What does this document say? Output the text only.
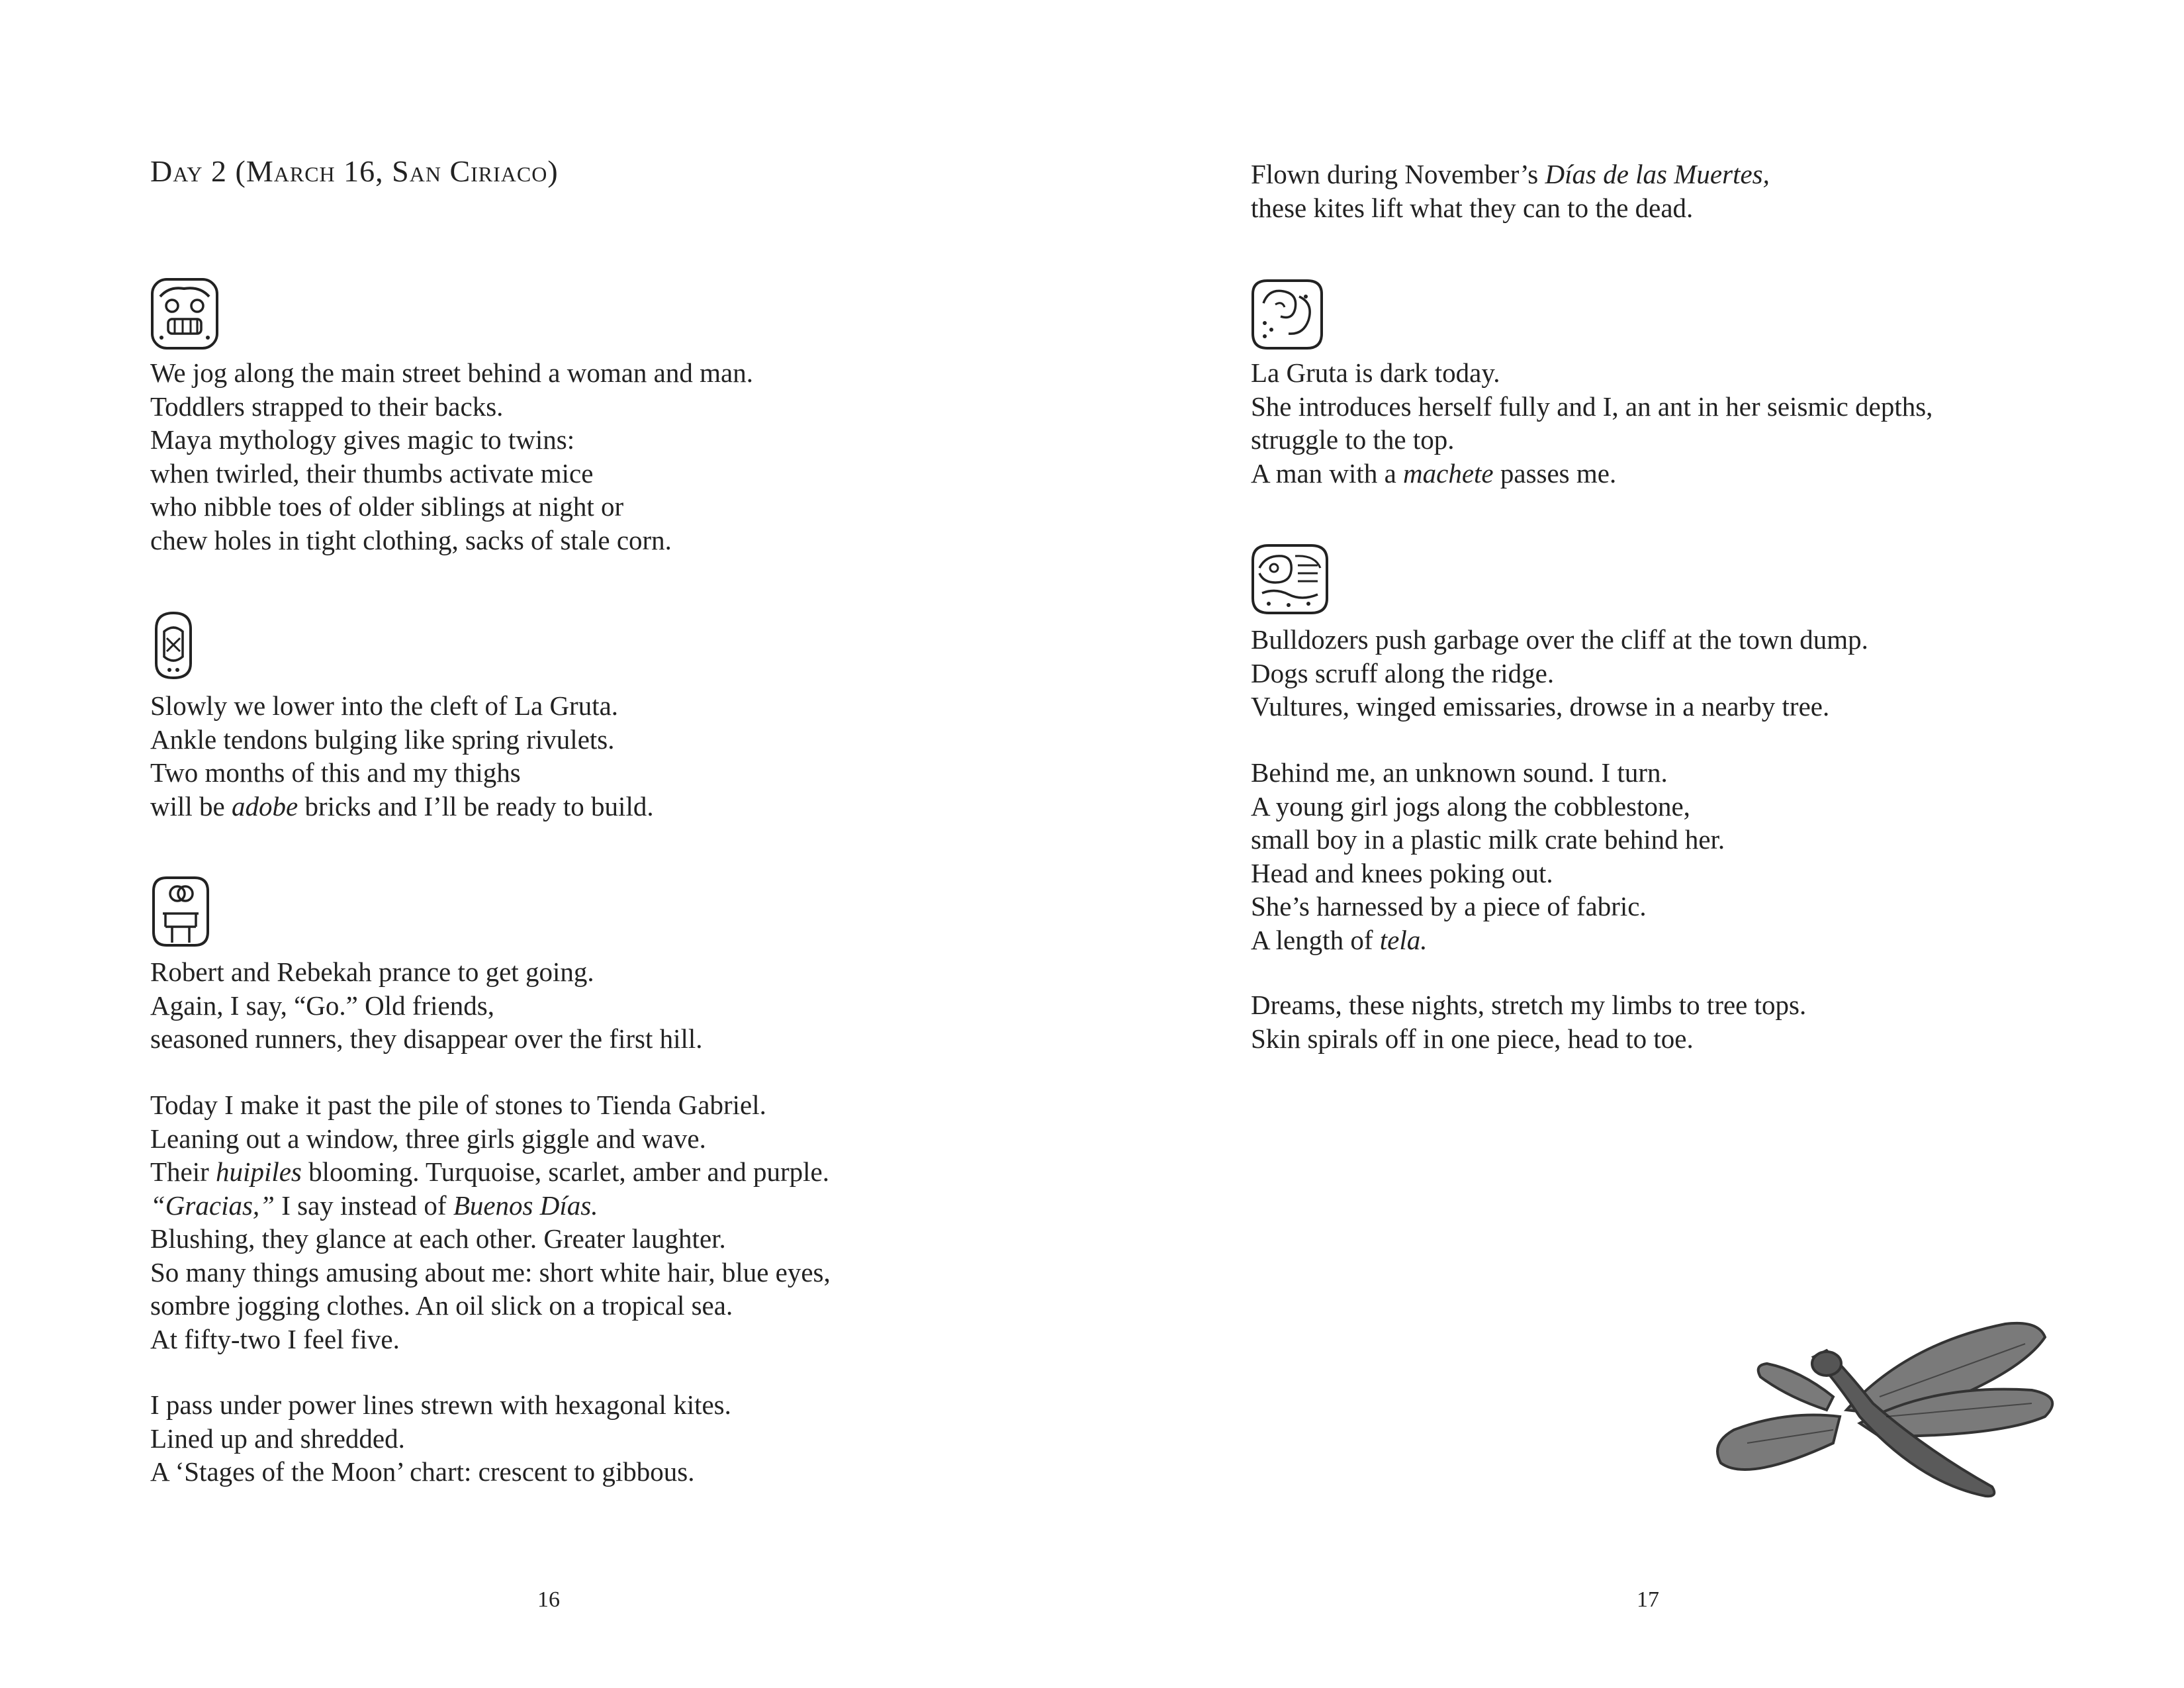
Day 2 (March 16, San Ciriaco)
We jog along the main street behind a woman and man.
Toddlers strapped to their backs.
Maya mythology gives magic to twins:
when twirled, their thumbs activate mice
who nibble toes of older siblings at night or
chew holes in tight clothing, sacks of stale corn.
Slowly we lower into the cleft of La Gruta.
Ankle tendons bulging like spring rivulets.
Two months of this and my thighs
will be adobe bricks and I’ll be ready to build.
Robert and Rebekah prance to get going.
Again, I say, “Go.” Old friends,
seasoned runners, they disappear over the first hill.
Today I make it past the pile of stones to Tienda Gabriel.
Leaning out a window, three girls giggle and wave.
Their huipiles blooming. Turquoise, scarlet, amber and purple.
“Gracias,” I say instead of Buenos Días.
Blushing, they glance at each other. Greater laughter.
So many things amusing about me: short white hair, blue eyes,
sombre jogging clothes. An oil slick on a tropical sea.
At fifty-two I feel five.
I pass under power lines strewn with hexagonal kites.
Lined up and shredded.
A ‘Stages of the Moon’ chart: crescent to gibbous.
16
Flown during November’s Días de las Muertes,
these kites lift what they can to the dead.
La Gruta is dark today.
She introduces herself fully and I, an ant in her seismic depths,
struggle to the top.
A man with a machete passes me.
Bulldozers push garbage over the cliff at the town dump.
Dogs scruff along the ridge.
Vultures, winged emissaries, drowse in a nearby tree.
Behind me, an unknown sound. I turn.
A young girl jogs along the cobblestone,
small boy in a plastic milk crate behind her.
Head and knees poking out.
She’s harnessed by a piece of fabric.
A length of tela.
Dreams, these nights, stretch my limbs to tree tops.
Skin spirals off in one piece, head to toe.
17
